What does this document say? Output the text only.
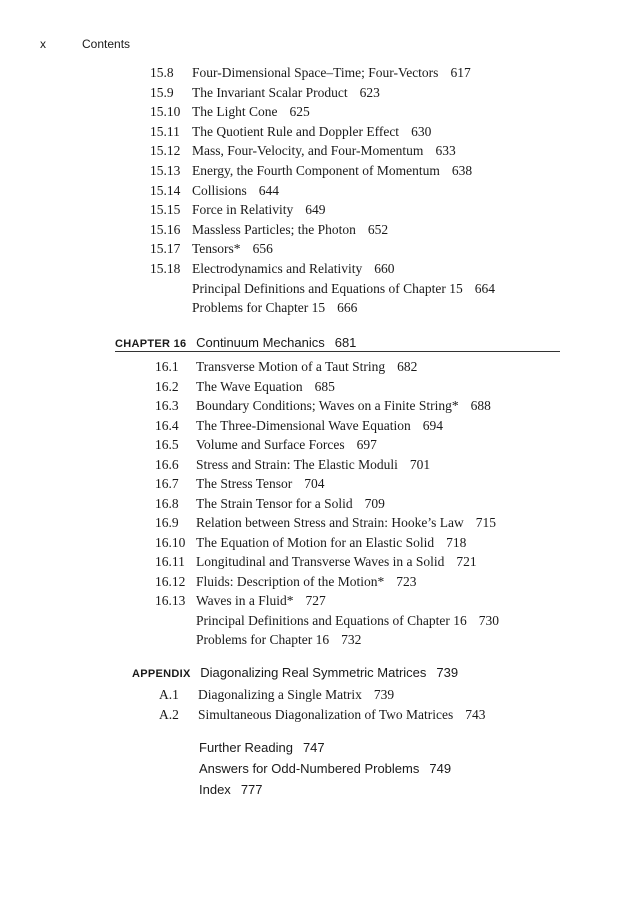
x	Contents
15.8 Four-Dimensional Space–Time; Four-Vectors 617
15.9 The Invariant Scalar Product 623
15.10 The Light Cone 625
15.11 The Quotient Rule and Doppler Effect 630
15.12 Mass, Four-Velocity, and Four-Momentum 633
15.13 Energy, the Fourth Component of Momentum 638
15.14 Collisions 644
15.15 Force in Relativity 649
15.16 Massless Particles; the Photon 652
15.17 Tensors* 656
15.18 Electrodynamics and Relativity 660
Principal Definitions and Equations of Chapter 15 664
Problems for Chapter 15 666
CHAPTER 16 Continuum Mechanics 681
16.1 Transverse Motion of a Taut String 682
16.2 The Wave Equation 685
16.3 Boundary Conditions; Waves on a Finite String* 688
16.4 The Three-Dimensional Wave Equation 694
16.5 Volume and Surface Forces 697
16.6 Stress and Strain: The Elastic Moduli 701
16.7 The Stress Tensor 704
16.8 The Strain Tensor for a Solid 709
16.9 Relation between Stress and Strain: Hooke’s Law 715
16.10 The Equation of Motion for an Elastic Solid 718
16.11 Longitudinal and Transverse Waves in a Solid 721
16.12 Fluids: Description of the Motion* 723
16.13 Waves in a Fluid* 727
Principal Definitions and Equations of Chapter 16 730
Problems for Chapter 16 732
APPENDIX Diagonalizing Real Symmetric Matrices 739
A.1 Diagonalizing a Single Matrix 739
A.2 Simultaneous Diagonalization of Two Matrices 743
Further Reading 747
Answers for Odd-Numbered Problems 749
Index 777
